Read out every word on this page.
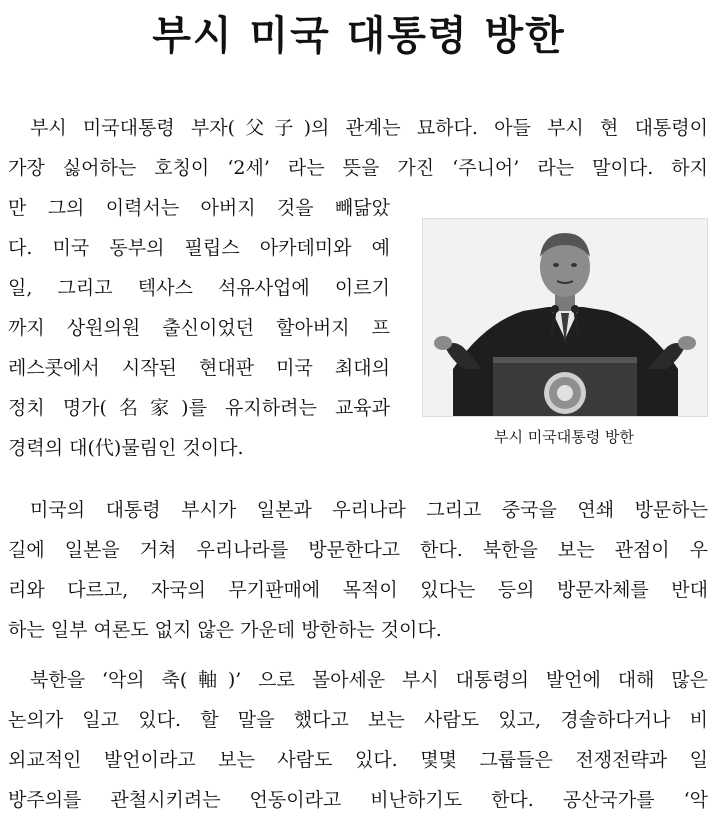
부시 미국 대통령 방한
부시 미국대통령 부자(父子)의 관계는 묘하다. 아들 부시 현 대통령이
가장 싫어하는 호칭이 ‘2세’ 라는 뜻을 가진 ‘주니어’ 라는 말이다. 하지
만 그의 이력서는 아버지 것을 빼닮았
다. 미국 동부의 필립스 아카데미와 예
일, 그리고 텍사스 석유사업에 이르기
까지 상원의원 출신이었던 할아버지 프
레스콧에서 시작된 현대판 미국 최대의
정치 명가(名家)를 유지하려는 교육과
경력의 대(代)물림인 것이다.	부시 미국대통령 방한
미국의 대통령 부시가 일본과 우리나라 그리고 중국을 연쇄 방문하는
길에 일본을 거쳐 우리나라를 방문한다고 한다. 북한을 보는 관점이 우
리와 다르고, 자국의 무기판매에 목적이 있다는 등의 방문자체를 반대
하는 일부 여론도 없지 않은 가운데 방한하는 것이다.
북한을 ‘악의 축(軸)’ 으로 몰아세운 부시 대통령의 발언에 대해 많은
논의가 일고 있다. 할 말을 했다고 보는 사람도 있고, 경솔하다거나 비
외교적인 발언이라고 보는 사람도 있다. 몇몇 그룹들은 전쟁전략과 일
방주의를 관철시키려는 언동이라고 비난하기도 한다. 공산국가를 ‘악
